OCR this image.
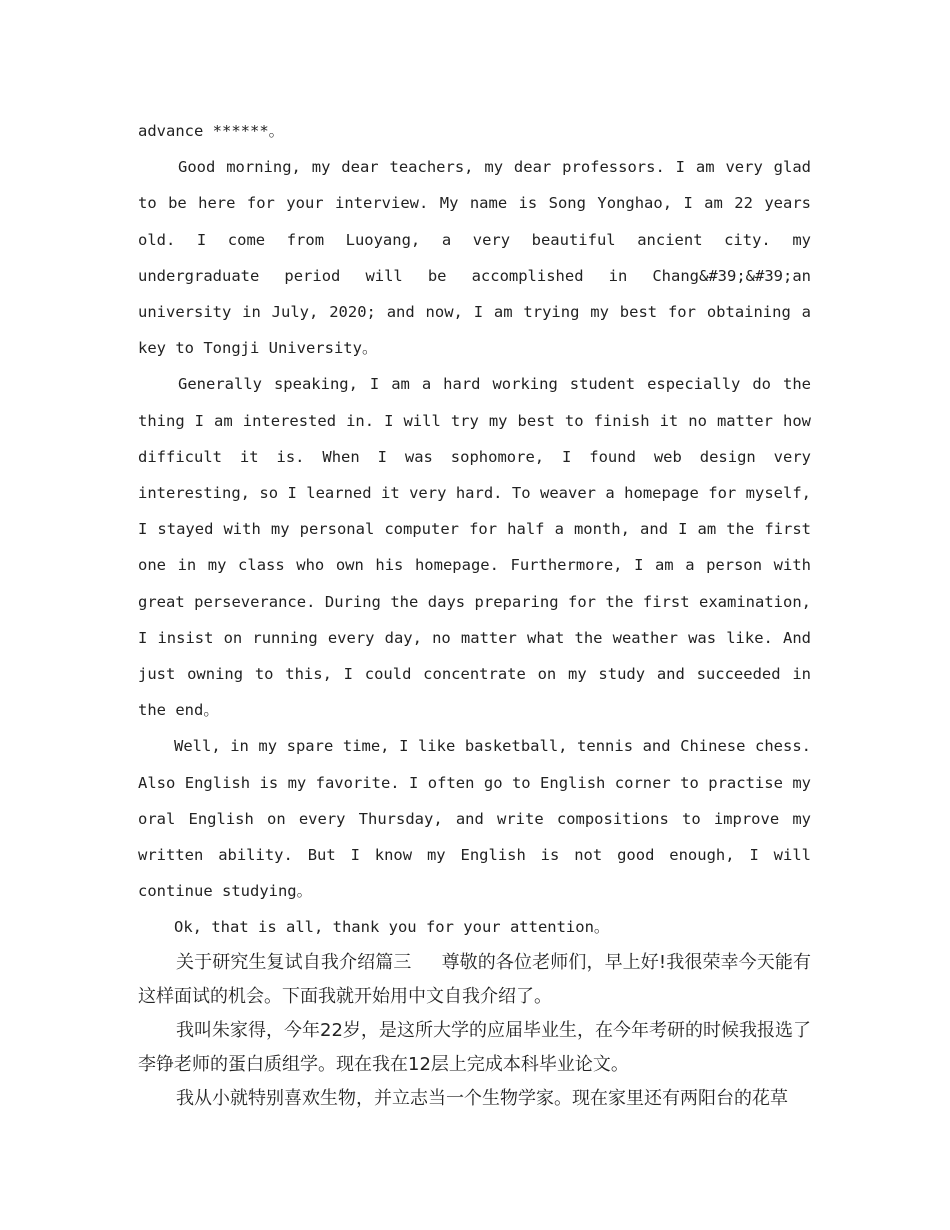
advance ******。

Good morning, my dear teachers, my dear professors. I am very glad to be here for your interview. My name is Song Yonghao, I am 22 years old. I come from Luoyang, a very beautiful ancient city. my undergraduate period will be accomplished in Chang&#39;&#39;an university in July, 2020; and now, I am trying my best for obtaining a key to Tongji University。

Generally speaking, I am a hard working student especially do the thing I am interested in. I will try my best to finish it no matter how difficult it is. When I was sophomore, I found web design very interesting, so I learned it very hard. To weaver a homepage for myself, I stayed with my personal computer for half a month, and I am the first one in my class who own his homepage. Furthermore, I am a person with great perseverance. During the days preparing for the first examination, I insist on running every day, no matter what the weather was like. And just owning to this, I could concentrate on my study and succeeded in the end。

Well, in my spare time, I like basketball, tennis and Chinese chess. Also English is my favorite. I often go to English corner to practise my oral English on every Thursday, and write compositions to improve my written ability. But I know my English is not good enough, I will continue studying。

Ok, that is all, thank you for your attention。

关于研究生复试自我介绍篇三 尊敬的各位老师们，早上好!我很荣幸今天能有这样面试的机会。下面我就开始用中文自我介绍了。

我叫朱家得，今年22岁，是这所大学的应届毕业生，在今年考研的时候我报选了李铮老师的蛋白质组学。现在我在12层上完成本科毕业论文。

我从小就特别喜欢生物，并立志当一个生物学家。现在家里还有两阳台的花草
